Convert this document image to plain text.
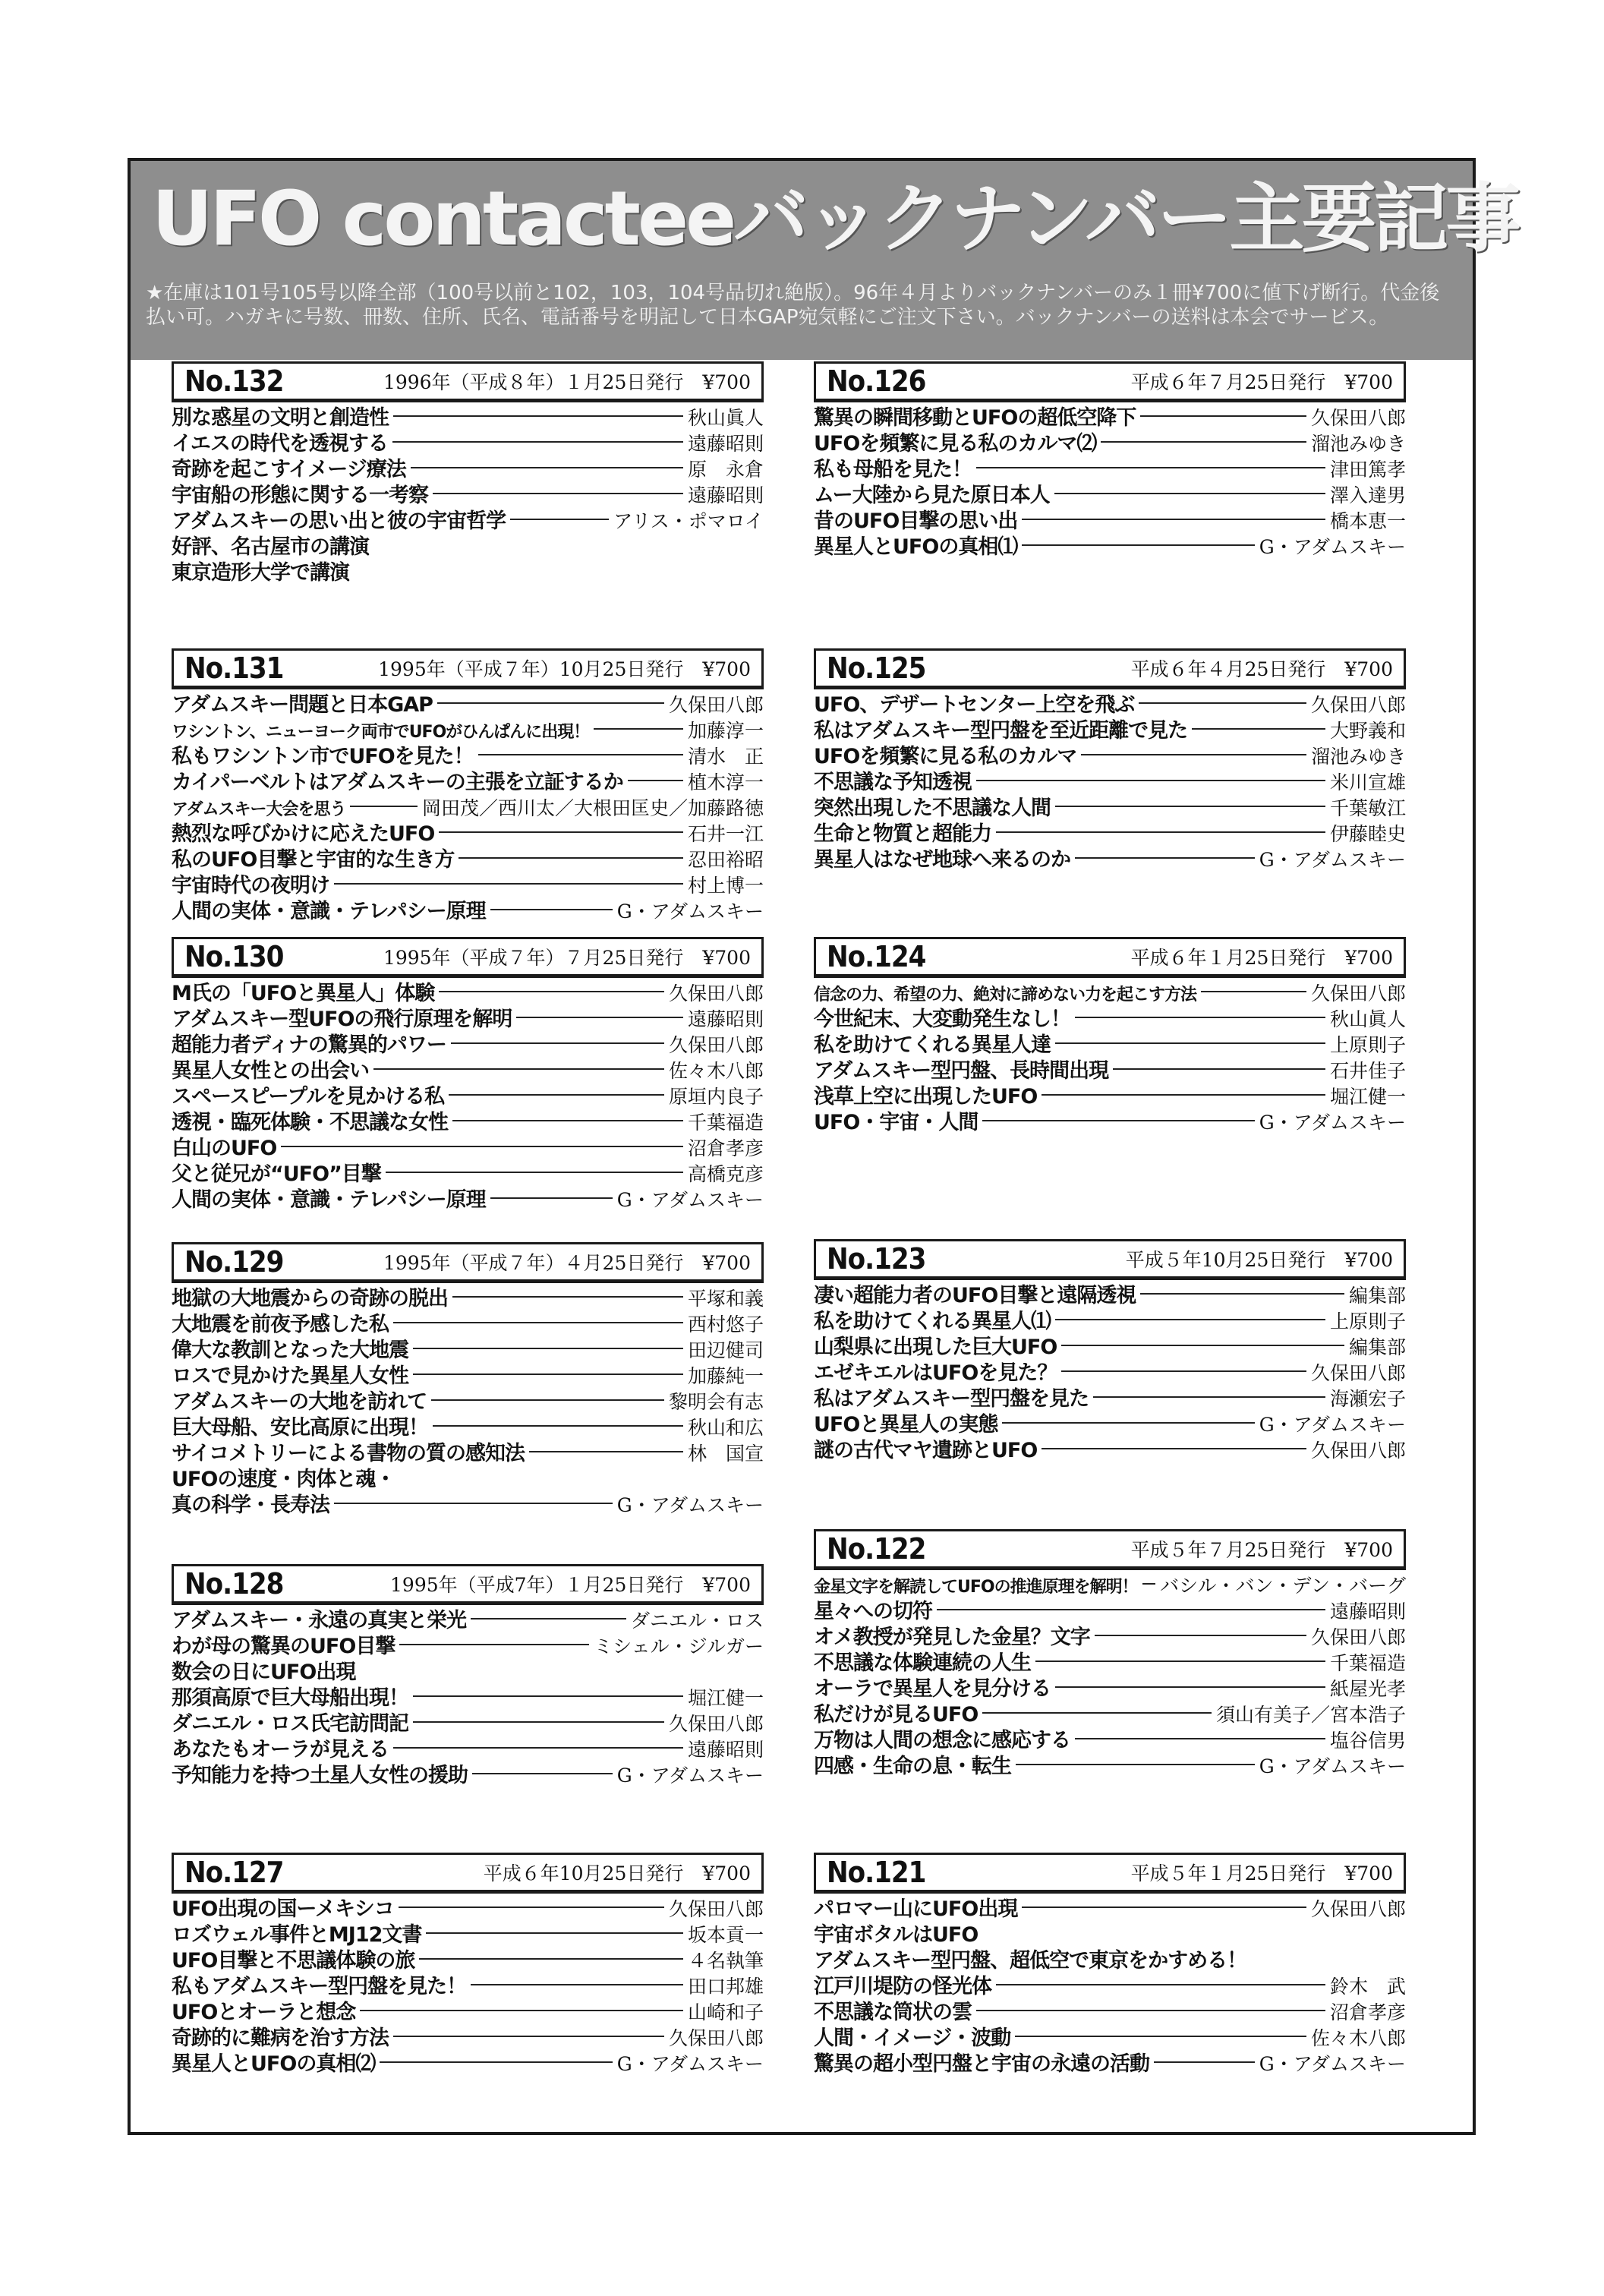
UFO contacteeバックナンバー主要記事

★在庫は101号105号以降全部（100号以前と102，103，104号品切れ絶版）。96年４月よりバックナンバーのみ１冊¥700に値下げ断行。代金後払い可。ハガキに号数、冊数、住所、氏名、電話番号を明記して日本GAP宛気軽にご注文下さい。バックナンバーの送料は本会でサービス。

No.132	1996年（平成８年）１月25日発行　¥700
別な惑星の文明と創造性	秋山眞人
イエスの時代を透視する	遠藤昭則
奇跡を起こすイメージ療法	原　永倉
宇宙船の形態に関する一考察	遠藤昭則
アダムスキーの思い出と彼の宇宙哲学	アリス・ポマロイ
好評、名古屋市の講演
東京造形大学で講演
No.131	1995年（平成７年）10月25日発行　¥700
アダムスキー問題と日本GAP	久保田八郎
ワシントン、ニューヨーク両市でUFOがひんぱんに出現！	加藤淳一
私もワシントン市でUFOを見た！	清水　正
カイパーベルトはアダムスキーの主張を立証するか	植木淳一
アダムスキー大会を思う	岡田茂／西川太／大根田匡史／加藤路徳
熱烈な呼びかけに応えたUFO	石井一江
私のUFO目撃と宇宙的な生き方	忍田裕昭
宇宙時代の夜明け	村上博一
人間の実体・意識・テレパシー原理	G・アダムスキー
No.130	1995年（平成７年）７月25日発行　¥700
M氏の「UFOと異星人」体験	久保田八郎
アダムスキー型UFOの飛行原理を解明	遠藤昭則
超能力者ディナの驚異的パワー	久保田八郎
異星人女性との出会い	佐々木八郎
スペースピープルを見かける私	原垣内良子
透視・臨死体験・不思議な女性	千葉福造
白山のUFO	沼倉孝彦
父と従兄が“UFO”目撃	高橋克彦
人間の実体・意識・テレパシー原理	G・アダムスキー
No.129	1995年（平成７年）４月25日発行　¥700
地獄の大地震からの奇跡の脱出	平塚和義
大地震を前夜予感した私	西村悠子
偉大な教訓となった大地震	田辺健司
ロスで見かけた異星人女性	加藤純一
アダムスキーの大地を訪れて	黎明会有志
巨大母船、安比高原に出現！	秋山和広
サイコメトリーによる書物の質の感知法	林　国宣
UFOの速度・肉体と魂・
真の科学・長寿法	G・アダムスキー
No.128	1995年（平成7年）１月25日発行　¥700
アダムスキー・永遠の真実と栄光	ダニエル・ロス
わが母の驚異のUFO目撃	ミシェル・ジルガー
数会の日にUFO出現
那須高原で巨大母船出現！	堀江健一
ダニエル・ロス氏宅訪問記	久保田八郎
あなたもオーラが見える	遠藤昭則
予知能力を持つ土星人女性の援助	G・アダムスキー
No.127	平成６年10月25日発行　¥700
UFO出現の国ーメキシコ	久保田八郎
ロズウェル事件とMJ12文書	坂本貢一
UFO目撃と不思議体験の旅	４名執筆
私もアダムスキー型円盤を見た！	田口邦雄
UFOとオーラと想念	山崎和子
奇跡的に難病を治す方法	久保田八郎
異星人とUFOの真相⑵	G・アダムスキー
No.126	平成６年７月25日発行　¥700
驚異の瞬間移動とUFOの超低空降下	久保田八郎
UFOを頻繁に見る私のカルマ⑵	溜池みゆき
私も母船を見た！	津田篤孝
ムー大陸から見た原日本人	澤入達男
昔のUFO目撃の思い出	橋本恵一
異星人とUFOの真相⑴	G・アダムスキー
No.125	平成６年４月25日発行　¥700
UFO、デザートセンター上空を飛ぶ	久保田八郎
私はアダムスキー型円盤を至近距離で見た	大野義和
UFOを頻繁に見る私のカルマ	溜池みゆき
不思議な予知透視	米川宣雄
突然出現した不思議な人間	千葉敏江
生命と物質と超能力	伊藤睦史
異星人はなぜ地球へ来るのか	G・アダムスキー
No.124	平成６年１月25日発行　¥700
信念の力、希望の力、絶対に諦めない力を起こす方法	久保田八郎
今世紀末、大変動発生なし！	秋山眞人
私を助けてくれる異星人達	上原則子
アダムスキー型円盤、長時間出現	石井佳子
浅草上空に出現したUFO	堀江健一
UFO・宇宙・人間	G・アダムスキー
No.123	平成５年10月25日発行　¥700
凄い超能力者のUFO目撃と遠隔透視	編集部
私を助けてくれる異星人⑴	上原則子
山梨県に出現した巨大UFO	編集部
エゼキエルはUFOを見た？	久保田八郎
私はアダムスキー型円盤を見た	海瀬宏子
UFOと異星人の実態	G・アダムスキー
謎の古代マヤ遺跡とUFO	久保田八郎
No.122	平成５年７月25日発行　¥700
金星文字を解読してUFOの推進原理を解明！ バシル・バン・デン・バーグ
星々への切符	遠藤昭則
オメ教授が発見した金星？文字	久保田八郎
不思議な体験連続の人生	千葉福造
オーラで異星人を見分ける	紙屋光孝
私だけが見るUFO	須山有美子／宮本浩子
万物は人間の想念に感応する	塩谷信男
四感・生命の息・転生	G・アダムスキー
No.121	平成５年１月25日発行　¥700
パロマー山にUFO出現	久保田八郎
宇宙ボタルはUFO
アダムスキー型円盤、超低空で東京をかすめる！
江戸川堤防の怪光体	鈴木　武
不思議な筒状の雲	沼倉孝彦
人間・イメージ・波動	佐々木八郎
驚異の超小型円盤と宇宙の永遠の活動	G・アダムスキー
